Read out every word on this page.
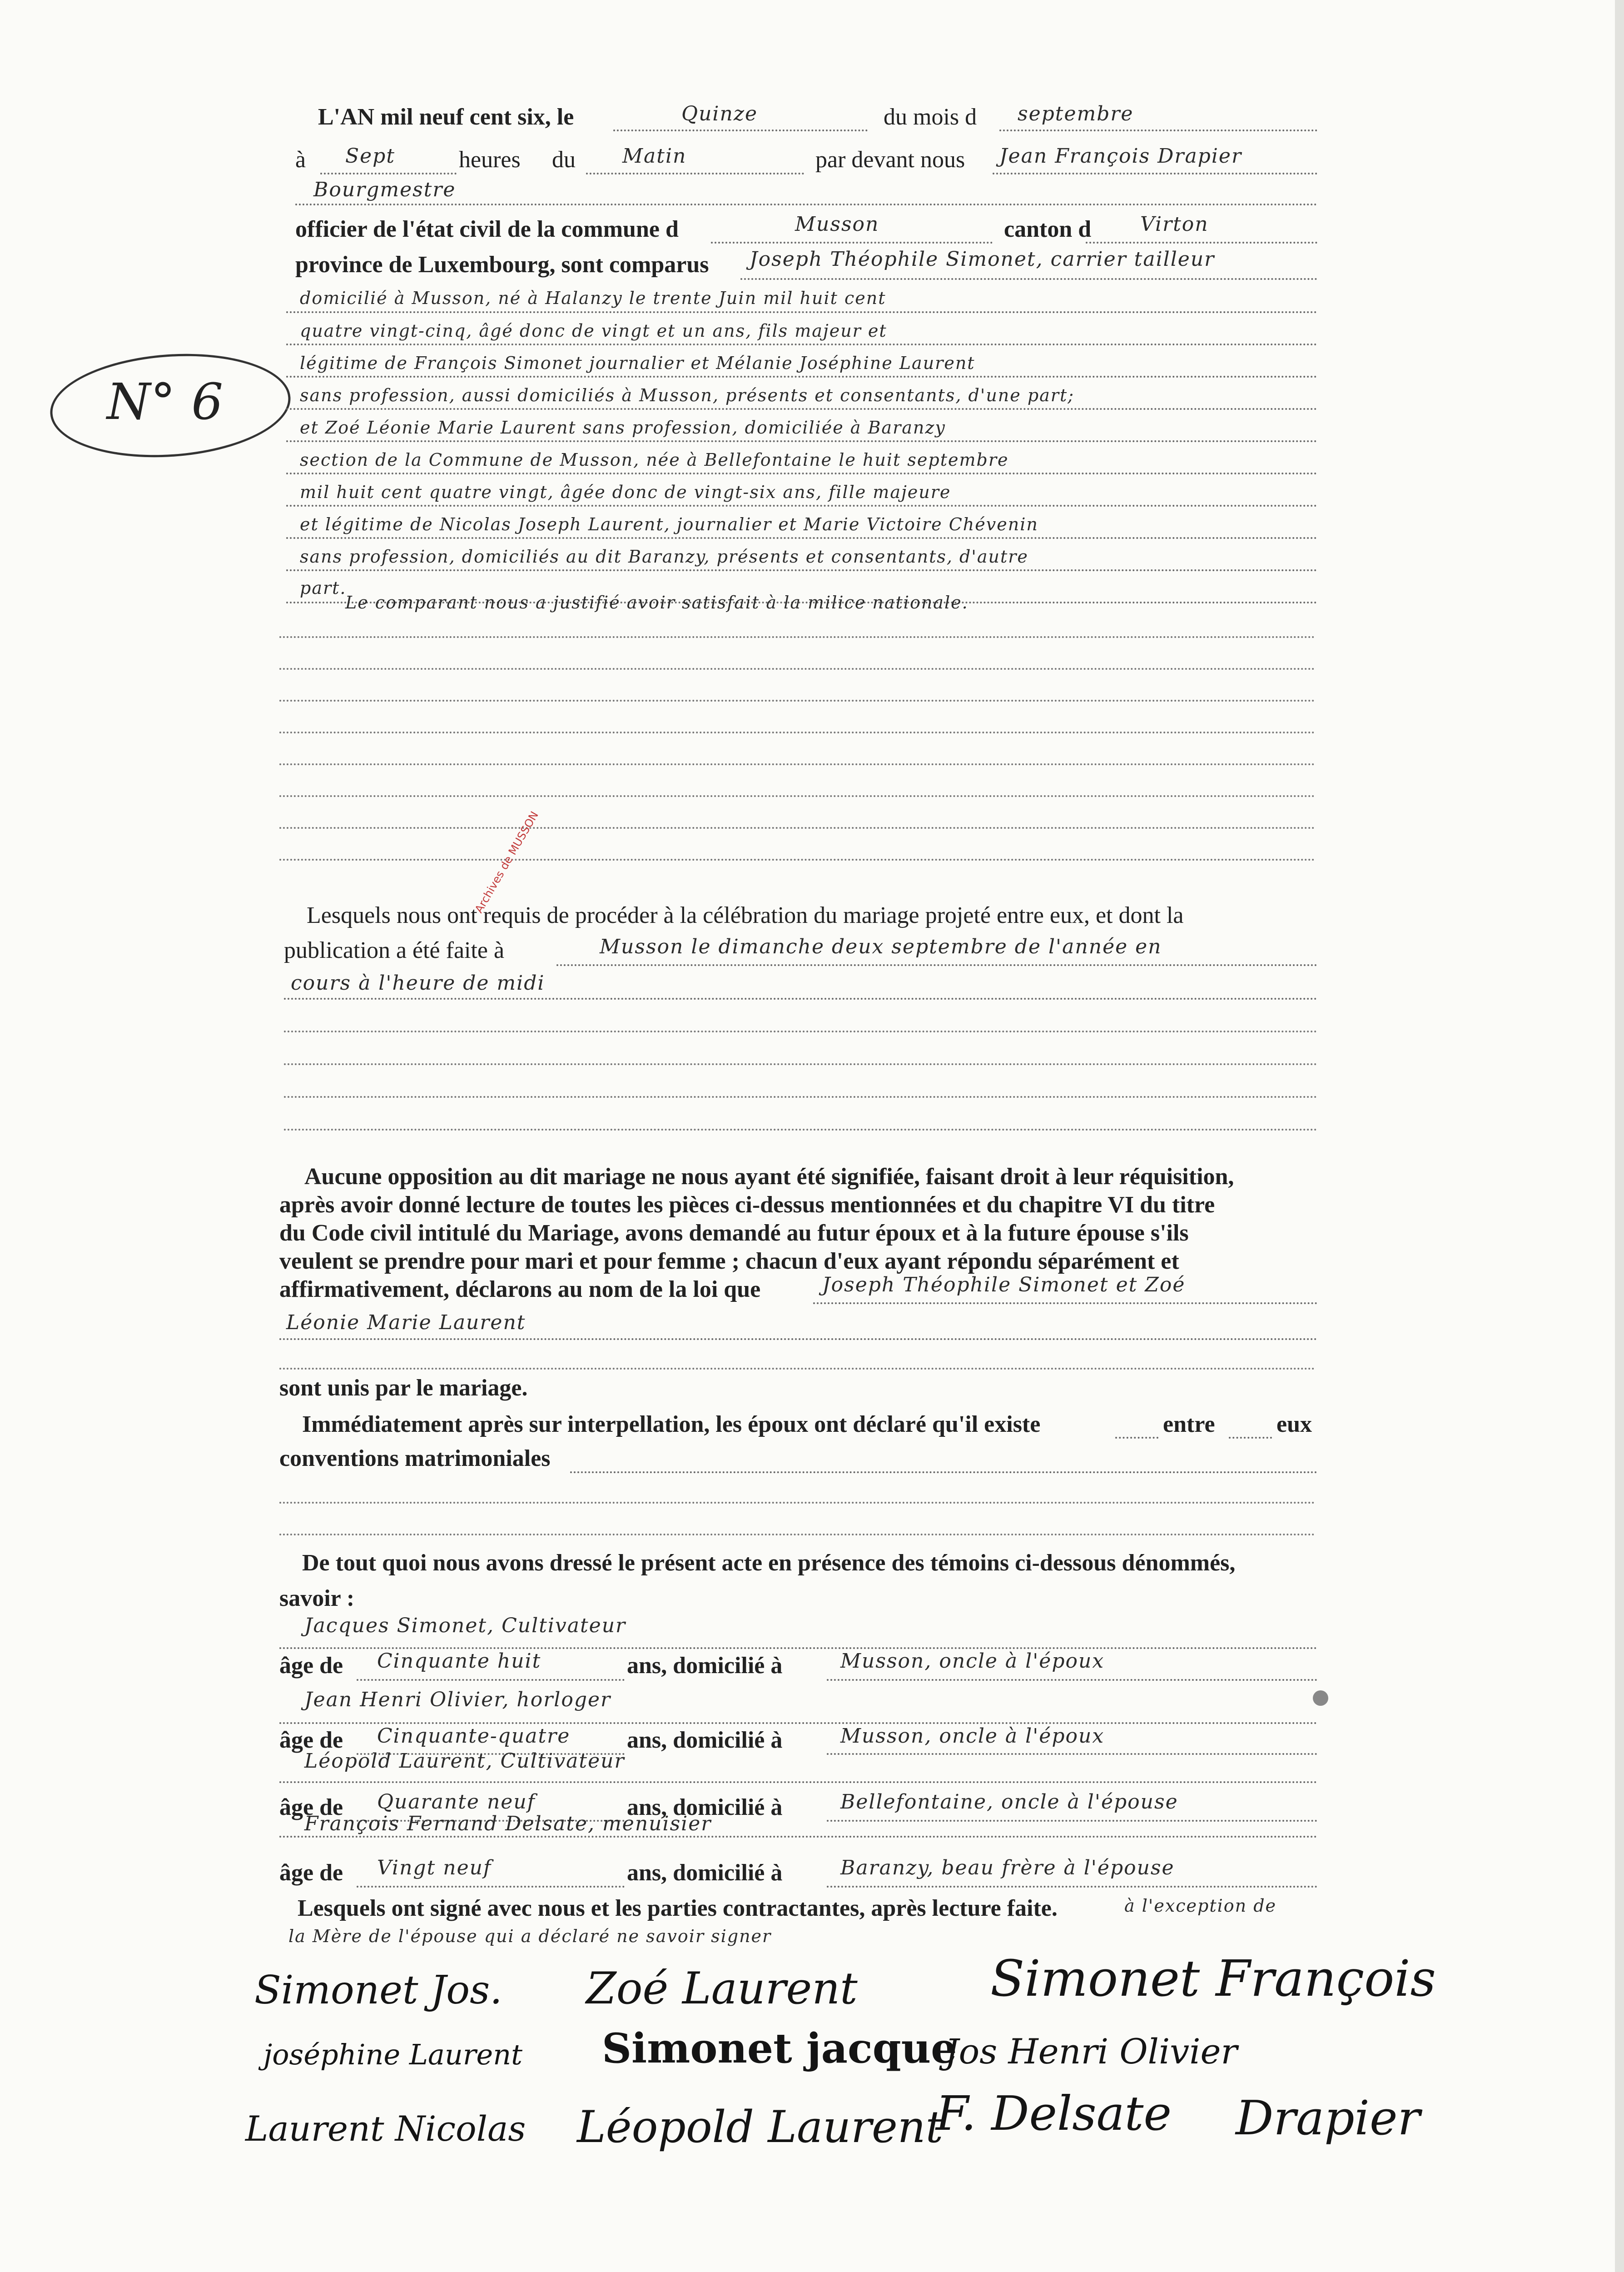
N° 6
L'AN mil neuf cent six, le	Quinze	du mois d septembre
à Sept	heures du Matin	par devant nous Jean François Drapier
Bourgmestre
officier de l'état civil de la commune d	Musson	canton d Virton
province de Luxembourg, sont comparus Joseph Théophile Simonet, carrier tailleur
domicilié à Musson, né à Halanzy le trente Juin mil huit cent
quatre vingt-cinq, âgé donc de vingt et un ans, fils majeur et
légitime de François Simonet journalier et Mélanie Joséphine Laurent
sans profession, aussi domiciliés à Musson, présents et consentants, d'une part;
et Zoé Léonie Marie Laurent sans profession, domiciliée à Baranzy
section de la Commune de Musson, née à Bellefontaine le huit septembre
mil huit cent quatre vingt, âgée donc de vingt-six ans, fille majeure
et légitime de Nicolas Joseph Laurent, journalier et Marie Victoire Chévenin
sans profession, domiciliés au dit Baranzy, présents et consentants, d'autre
part.
Le comparant nous a justifié avoir satisfait à la milice nationale.
Lesquels nous ont requis de procéder à la célébration du mariage projeté entre eux, et dont la
publication a été faite à	Musson le dimanche deux septembre de l'année en
cours à l'heure de midi
Archives de MUSSON
Aucune opposition au dit mariage ne nous ayant été signifiée, faisant droit à leur réquisition,
après avoir donné lecture de toutes les pièces ci-dessus mentionnées et du chapitre VI du titre
du Code civil intitulé du Mariage, avons demandé au futur époux et à la future épouse s'ils
veulent se prendre pour mari et pour femme ; chacun d'eux ayant répondu séparément et
affirmativement, déclarons au nom de la loi que	Joseph Théophile Simonet et Zoé
Léonie Marie Laurent
sont unis par le mariage.
Immédiatement après sur interpellation, les époux ont déclaré qu'il existe	entre	eux
conventions matrimoniales
De tout quoi nous avons dressé le présent acte en présence des témoins ci-dessous dénommés,
savoir :
Jacques Simonet, Cultivateur
âge de Cinquante huit	ans, domicilié à	Musson, oncle à l'époux
Jean Henri Olivier, horloger
âge de Cinquante-quatre ans, domicilié à	Musson, oncle à l'époux
Léopold Laurent, Cultivateur
âge de Quarante neuf	ans, domicilié à	Bellefontaine, oncle à l'épouse
François Fernand Delsate, menuisier
âge de Vingt neuf	ans, domicilié à	Baranzy, beau frère à l'épouse
Lesquels ont signé avec nous et les parties contractantes, après lecture faite.	à l'exception de
la Mère de l'épouse qui a déclaré ne savoir signer
Simonet Jos. Zoé Laurent	Simonet François
joséphine Laurent Simonet jacque
Jos Henri Olivier
Laurent Nicolas Léopold Laurent
F. Delsate Drapier
